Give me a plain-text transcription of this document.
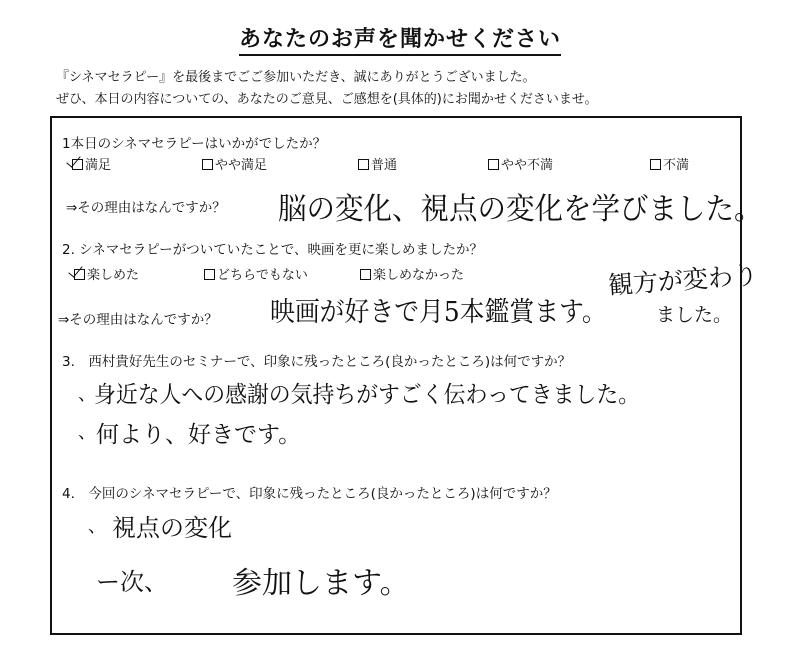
あなたのお声を聞かせください
『シネマセラピー』を最後までごご参加いただき、誠にありがとうございました。
ぜひ、本日の内容についての、あなたのご意見、ご感想を(具体的)にお聞かせくださいませ。
1本日のシネマセラピーはいかがでしたか？
満足	やや満足	普通	やや不満	不満
⇒その理由はなんですか？ 脳の変化、視点の変化を学びました。
2. シネマセラピーがついていたことで、映画を更に楽しめましたか？
楽しめた	どちらでもない	楽しめなかった
⇒その理由はなんですか？ 映画が好きで月5本鑑賞ます。
観方が変わり
ました。
3.　西村貴好先生のセミナーで、印象に残ったところ(良かったところ)は何ですか？
、
身近な人への感謝の気持ちがすごく伝わってきました。
、 何より、好きです。
4.　今回のシネマセラピーで、印象に残ったところ(良かったところ)は何ですか？
、 視点の変化
ー次、 参加します。
